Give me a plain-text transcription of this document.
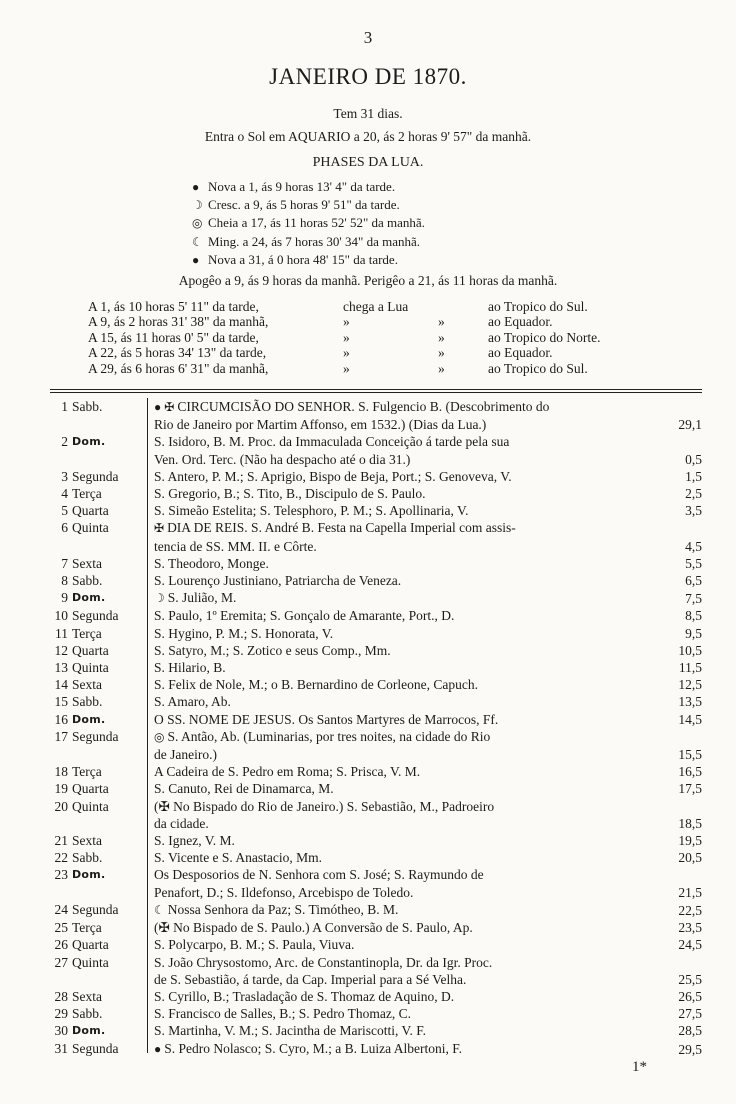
3
JANEIRO DE 1870.
Tem 31 dias.
Entra o Sol em AQUARIO a 20, ás 2 horas 9' 57" da manhã.
PHASES DA LUA.
● Nova a 1, ás 9 horas 13' 4" da tarde.
☽ Cresc. a 9, ás 5 horas 9' 51" da tarde.
◎ Cheia a 17, ás 11 horas 52' 52" da manhã.
☾ Ming. a 24, ás 7 horas 30' 34" da manhã.
● Nova a 31, á 0 hora 48' 15" da tarde.
Apogêo a 9, ás 9 horas da manhã. Perigêo a 21, ás 11 horas da manhã.
A 1, ás 10 horas 5' 11" da tarde,	chega a Lua	ao Tropico do Sul.
A 9, ás 2 horas 31' 38" da manhã,	»	»	ao Equador.
A 15, ás 11 horas 0' 5" da tarde,	»	»	ao Tropico do Norte.
A 22, ás 5 horas 34' 13" da tarde,	»	»	ao Equador.
A 29, ás 6 horas 6' 31" da manhã,	»	»	ao Tropico do Sul.
1 Sabb.	● ✠ CIRCUMCISÃO DO SENHOR. S. Fulgencio B. (Descobrimento do
Rio de Janeiro por Martim Affonso, em 1532.) (Dias da Lua.)	29,1
2 Dom.	S. Isidoro, B. M. Proc. da Immaculada Conceição á tarde pela sua
Ven. Ord. Terc. (Não ha despacho até o dia 31.)	0,5
3 Segunda	S. Antero, P. M.; S. Aprigio, Bispo de Beja, Port.; S. Genoveva, V.	1,5
4 Terça	S. Gregorio, B.; S. Tito, B., Discipulo de S. Paulo.	2,5
5 Quarta	S. Simeão Estelita; S. Telesphoro, P. M.; S. Apollinaria, V.	3,5
6 Quinta	✠ DIA DE REIS. S. André B. Festa na Capella Imperial com assis-
tencia de SS. MM. II. e Côrte.	4,5
7 Sexta	S. Theodoro, Monge.	5,5
8 Sabb.	S. Lourenço Justiniano, Patriarcha de Veneza.	6,5
9 Dom.	☽ S. Julião, M.	7,5
10 Segunda	S. Paulo, 1º Eremita; S. Gonçalo de Amarante, Port., D.	8,5
11 Terça	S. Hygino, P. M.; S. Honorata, V.	9,5
12 Quarta	S. Satyro, M.; S. Zotico e seus Comp., Mm.	10,5
13 Quinta	S. Hilario, B.	11,5
14 Sexta	S. Felix de Nole, M.; o B. Bernardino de Corleone, Capuch.	12,5
15 Sabb.	S. Amaro, Ab.	13,5
16 Dom.	O SS. NOME DE JESUS. Os Santos Martyres de Marrocos, Ff.	14,5
17 Segunda	◎ S. Antão, Ab. (Luminarias, por tres noites, na cidade do Rio
de Janeiro.)	15,5
18 Terça	A Cadeira de S. Pedro em Roma; S. Prisca, V. M.	16,5
19 Quarta	S. Canuto, Rei de Dinamarca, M.	17,5
20 Quinta	(✠ No Bispado do Rio de Janeiro.) S. Sebastião, M., Padroeiro
da cidade.	18,5
21 Sexta	S. Ignez, V. M.	19,5
22 Sabb.	S. Vicente e S. Anastacio, Mm.	20,5
23 Dom.	Os Desposorios de N. Senhora com S. José; S. Raymundo de
Penafort, D.; S. Ildefonso, Arcebispo de Toledo.	21,5
24 Segunda	☾ Nossa Senhora da Paz; S. Timótheo, B. M.	22,5
25 Terça	(✠ No Bispado de S. Paulo.) A Conversão de S. Paulo, Ap.	23,5
26 Quarta	S. Polycarpo, B. M.; S. Paula, Viuva.	24,5
27 Quinta	S. João Chrysostomo, Arc. de Constantinopla, Dr. da Igr. Proc.
de S. Sebastião, á tarde, da Cap. Imperial para a Sé Velha.	25,5
28 Sexta	S. Cyrillo, B.; Trasladação de S. Thomaz de Aquino, D.	26,5
29 Sabb.	S. Francisco de Salles, B.; S. Pedro Thomaz, C.	27,5
30 Dom.	S. Martinha, V. M.; S. Jacintha de Mariscotti, V. F.	28,5
31 Segunda	● S. Pedro Nolasco; S. Cyro, M.; a B. Luiza Albertoni, F.	29,5
1*
